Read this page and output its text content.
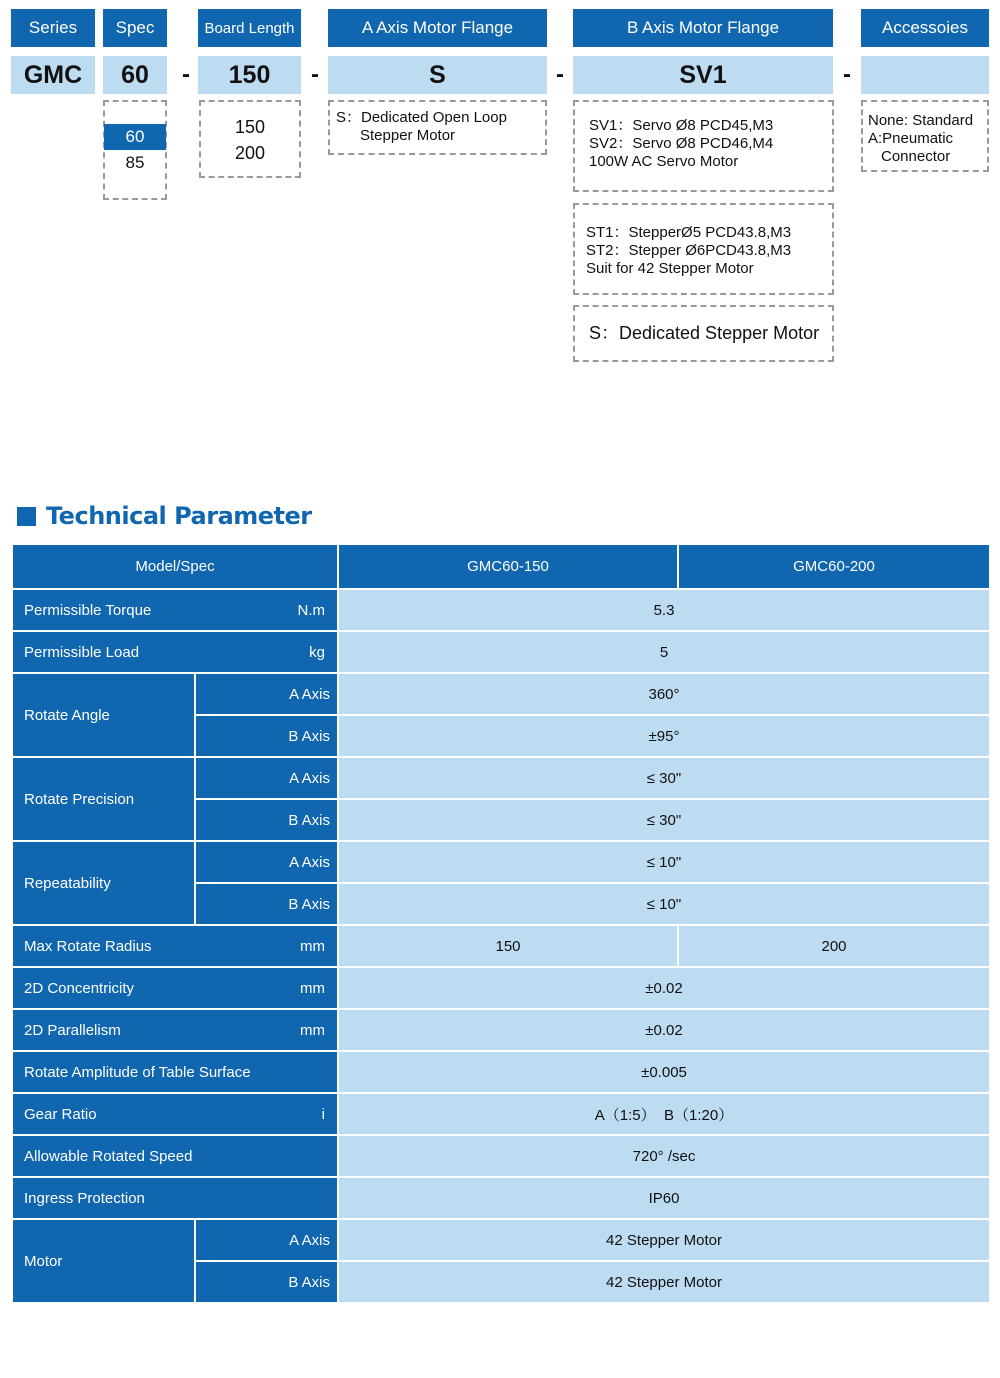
Series	Spec	Board Length	A Axis Motor Flange	B Axis Motor Flange	Accessoies
GMC	60	-	150	-	S	-	SV1	-
60
85
150
200
S：Dedicated Open Loop
Stepper Motor
SV1：Servo Ø8 PCD45,M3
SV2：Servo Ø8 PCD46,M4
100W AC Servo Motor
ST1：StepperØ5 PCD43.8,M3
ST2：Stepper Ø6PCD43.8,M3
Suit for 42 Stepper Motor
S：Dedicated Stepper Motor
None: Standard
A:Pneumatic
Connector
Technical Parameter
Model/Spec		GMC60-150	GMC60-200

Permissible Torque N.m		5.3	

Permissible Load kg		5	
Rotate Angle	A Axis	360°	
	B Axis	±95°	
Rotate Precision	A Axis	≤ 30"	
	B Axis	≤ 30"	
Repeatability	A Axis	≤ 10"	
	B Axis	≤ 10"	

Max Rotate Radius mm		150	200

2D Concentricity mm		±0.02	

2D Parallelism mm		±0.02	
Rotate Amplitude of Table Surface		±0.005	

Gear Ratio i		A（1:5）  B（1:20）	
Allowable Rotated Speed		720° /sec	
Ingress Protection		IP60	
Motor	A Axis	42 Stepper Motor	
	B Axis	42 Stepper Motor	
